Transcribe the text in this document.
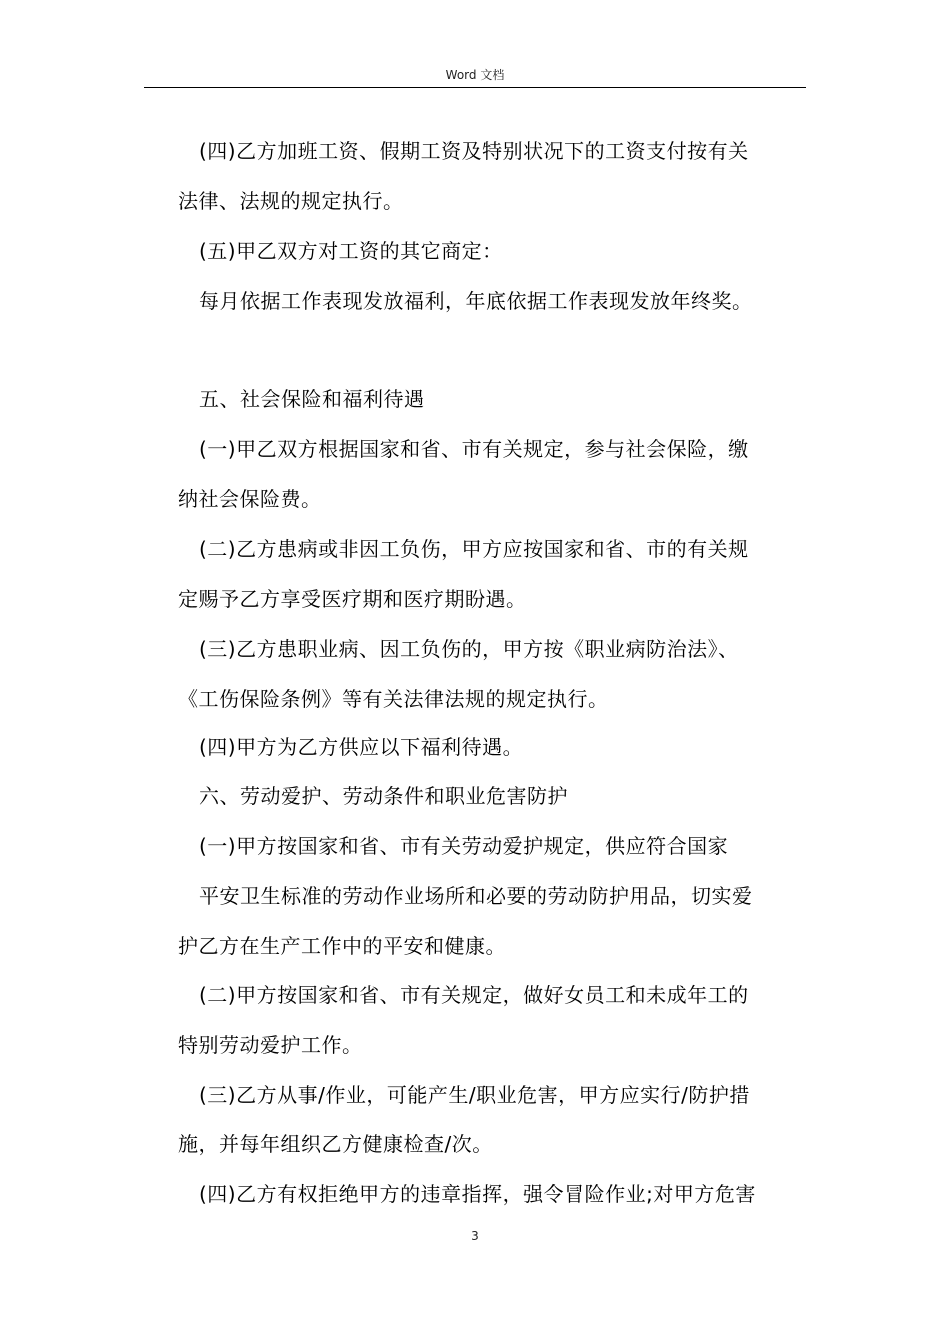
Word 文档
(四)乙方加班工资、假期工资及特别状况下的工资支付按有关
法律、法规的规定执行。
(五)甲乙双方对工资的其它商定：
每月依据工作表现发放福利，年底依据工作表现发放年终奖。
五、社会保险和福利待遇
(一)甲乙双方根据国家和省、市有关规定，参与社会保险，缴
纳社会保险费。
(二)乙方患病或非因工负伤，甲方应按国家和省、市的有关规
定赐予乙方享受医疗期和医疗期盼遇。
(三)乙方患职业病、因工负伤的，甲方按《职业病防治法》、
《工伤保险条例》等有关法律法规的规定执行。
(四)甲方为乙方供应以下福利待遇。
六、劳动爱护、劳动条件和职业危害防护
(一)甲方按国家和省、市有关劳动爱护规定，供应符合国家
平安卫生标准的劳动作业场所和必要的劳动防护用品，切实爱
护乙方在生产工作中的平安和健康。
(二)甲方按国家和省、市有关规定，做好女员工和未成年工的
特别劳动爱护工作。
(三)乙方从事/作业，可能产生/职业危害，甲方应实行/防护措
施，并每年组织乙方健康检查/次。
(四)乙方有权拒绝甲方的违章指挥，强令冒险作业;对甲方危害
3
